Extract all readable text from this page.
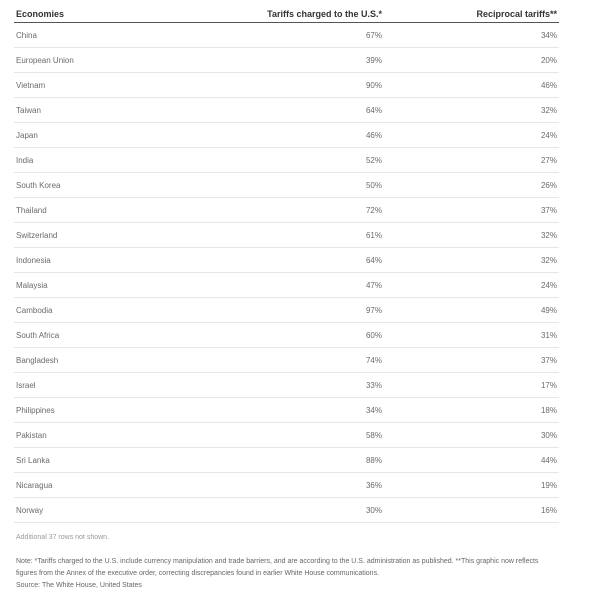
Economies	Tariffs charged to the U.S.*	Reciprocal tariffs**
China	67%	34%
European Union	39%	20%
Vietnam	90%	46%
Taiwan	64%	32%
Japan	46%	24%
India	52%	27%
South Korea	50%	26%
Thailand	72%	37%
Switzerland	61%	32%
Indonesia	64%	32%
Malaysia	47%	24%
Cambodia	97%	49%
South Africa	60%	31%
Bangladesh	74%	37%
Israel	33%	17%
Philippines	34%	18%
Pakistan	58%	30%
Sri Lanka	88%	44%
Nicaragua	36%	19%
Norway	30%	16%
Additional 37 rows not shown.
Note: *Tariffs charged to the U.S. include currency manipulation and trade barriers, and are according to the U.S. administration as published. **This graphic now reflects figures from the Annex of the executive order, correcting discrepancies found in earlier White House communications.
Source: The White House, United States
